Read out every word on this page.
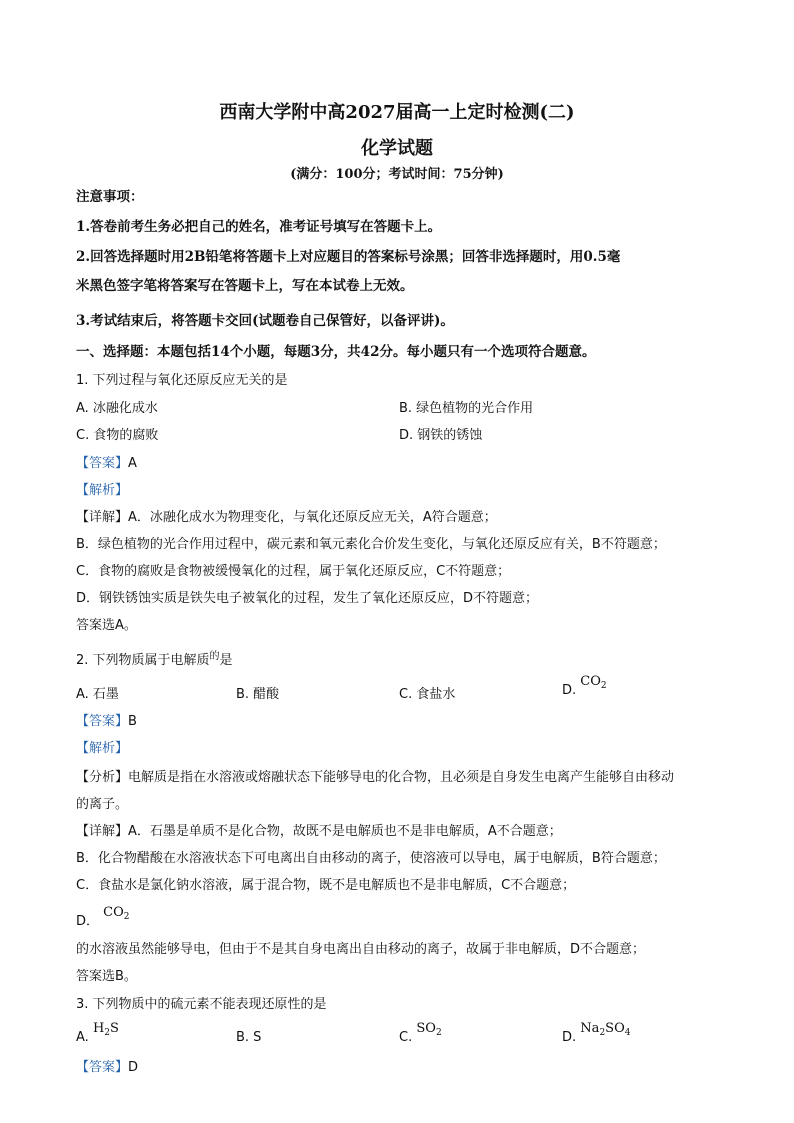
西南大学附中高2027届高一上定时检测(二)
化学试题
(满分：100分；考试时间：75分钟)
注意事项：
1.答卷前考生务必把自己的姓名，准考证号填写在答题卡上。
2.回答选择题时用2B铅笔将答题卡上对应题目的答案标号涂黑；回答非选择题时，用0.5毫
米黑色签字笔将答案写在答题卡上，写在本试卷上无效。
3.考试结束后，将答题卡交回(试题卷自己保管好，以备评讲)。
一、选择题：本题包括14个小题，每题3分，共42分。每小题只有一个选项符合题意。
1. 下列过程与氧化还原反应无关的是
A. 冰融化成水	B. 绿色植物的光合作用
C. 食物的腐败	D. 钢铁的锈蚀
【答案】A
【解析】
【详解】A．冰融化成水为物理变化，与氧化还原反应无关，A符合题意；
B．绿色植物的光合作用过程中，碳元素和氧元素化合价发生变化，与氧化还原反应有关，B不符题意；
C．食物的腐败是食物被缓慢氧化的过程，属于氧化还原反应，C不符题意；
D．钢铁锈蚀实质是铁失电子被氧化的过程，发生了氧化还原反应，D不符题意；
答案选A。
2. 下列物质属于电解质$^的$是
A. 石墨	B. 醋酸	C. 食盐水	D. $CO_2$
【答案】B
【解析】
【分析】电解质是指在水溶液或熔融状态下能够导电的化合物，且必须是自身发生电离产生能够自由移动
的离子。
【详解】A．石墨是单质不是化合物，故既不是电解质也不是非电解质，A不合题意；
B．化合物醋酸在水溶液状态下可电离出自由移动的离子，使溶液可以导电，属于电解质，B符合题意；
C．食盐水是氯化钠水溶液，属于混合物，既不是电解质也不是非电解质，C不合题意；
D． $CO_2$
的水溶液虽然能够导电，但由于不是其自身电离出自由移动的离子，故属于非电解质，D不合题意；
答案选B。
3. 下列物质中的硫元素不能表现还原性的是
A. $H_2S$
B. S	C. $SO_2$	D. $Na_2SO_4$
【答案】D
